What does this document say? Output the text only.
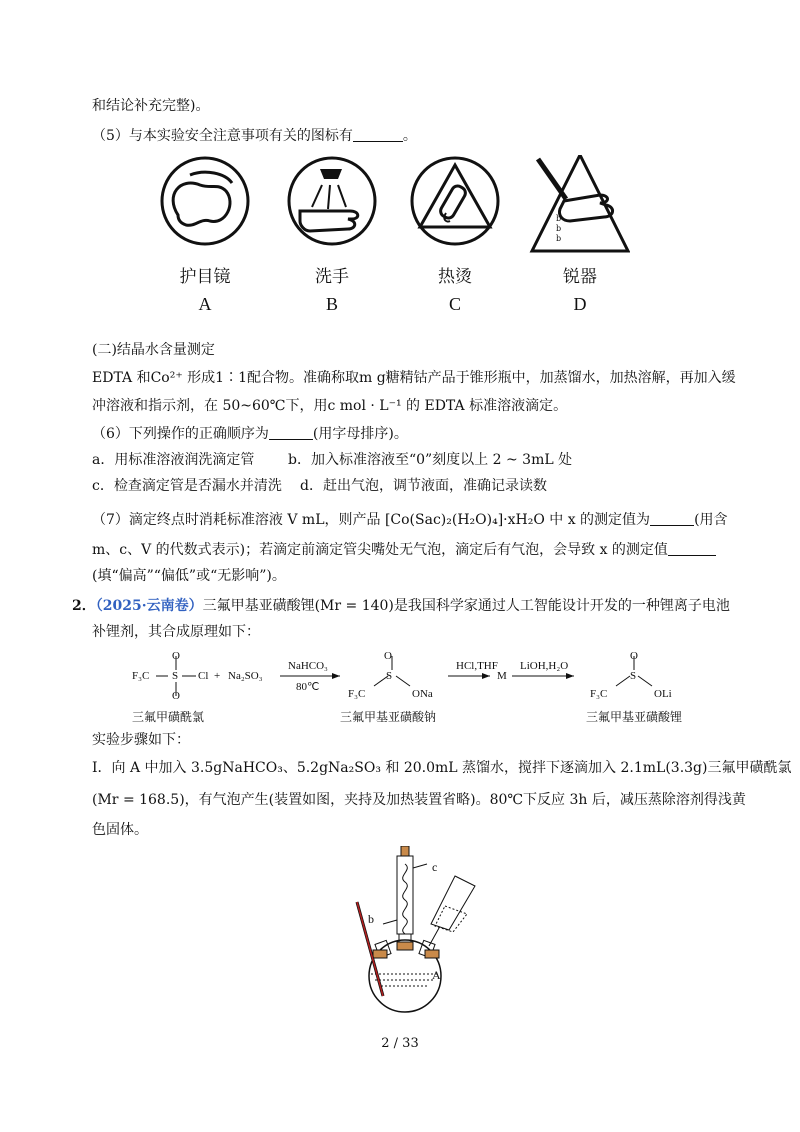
和结论补充完整)。
（5）与本实验安全注意事项有关的图标有	。
b
b
b
护目镜	洗手	热烫	锐器
A	B	C	D
(二)结晶水含量测定
EDTA 和Co²⁺ 形成1∶1配合物。准确称取m g糖精钴产品于锥形瓶中，加蒸馏水，加热溶解，再加入缓
冲溶液和指示剂，在 50~60℃下，用c mol · L⁻¹ 的 EDTA 标准溶液滴定。
（6）下列操作的正确顺序为	(用字母排序)。
a．用标准溶液润洗滴定管 b．加入标准溶液至“0”刻度以上 2 ~ 3mL 处
c．检查滴定管是否漏水并清洗 d．赶出气泡，调节液面，准确记录读数
（7）滴定终点时消耗标准溶液 V mL，则产品 [Co(Sac)₂(H₂O)₄]·xH₂O 中 x 的测定值为	(用含
m、c、V 的代数式表示)；若滴定前滴定管尖嘴处无气泡，滴定后有气泡，会导致 x 的测定值
(填“偏高”“偏低”或“无影响”)。
2．（2025·云南卷）三氟甲基亚磺酸锂(Mr = 140)是我国科学家通过人工智能设计开发的一种锂离子电池
补锂剂，其合成原理如下：
F₃C
O
S
O
Cl + Na₂SO₃
NaHCO₃
80℃
O
S
F₃C	ONa
HCl,THF
M
LiOH,H₂O
O
S
F₃C	OLi
三氟甲磺酰氯	三氟甲基亚磺酸钠	三氟甲基亚磺酸锂
实验步骤如下：
Ⅰ．向 A 中加入 3.5gNaHCO₃、5.2gNa₂SO₃ 和 20.0mL 蒸馏水，搅拌下逐滴加入 2.1mL(3.3g)三氟甲磺酰氯
(Mr = 168.5)，有气泡产生(装置如图，夹持及加热装置省略)。80℃下反应 3h 后，减压蒸除溶剂得浅黄
色固体。
c
b
A
2 / 33
